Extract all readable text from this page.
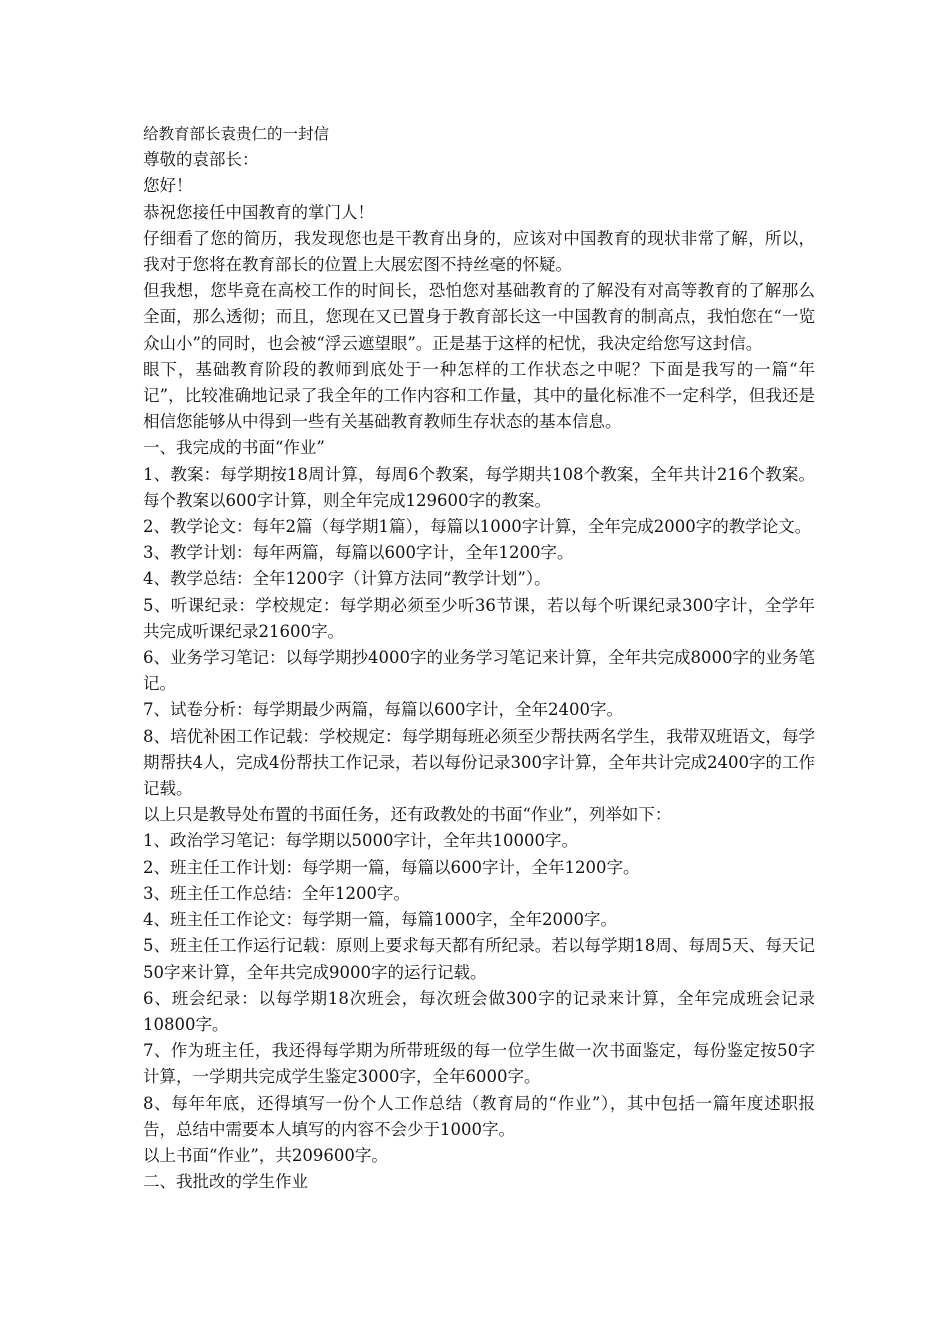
给教育部长袁贵仁的一封信

尊敬的袁部长：

您好！

恭祝您接任中国教育的掌门人！

仔细看了您的简历，我发现您也是干教育出身的，应该对中国教育的现状非常了解，所以，我对于您将在教育部长的位置上大展宏图不持丝毫的怀疑。

但我想，您毕竟在高校工作的时间长，恐怕您对基础教育的了解没有对高等教育的了解那么全面，那么透彻；而且，您现在又已置身于教育部长这一中国教育的制高点，我怕您在“一览众山小”的同时，也会被“浮云遮望眼”。正是基于这样的杞忧，我决定给您写这封信。

眼下，基础教育阶段的教师到底处于一种怎样的工作状态之中呢？下面是我写的一篇“年记”，比较准确地记录了我全年的工作内容和工作量，其中的量化标准不一定科学，但我还是相信您能够从中得到一些有关基础教育教师生存状态的基本信息。

一、我完成的书面“作业”

1、教案：每学期按18周计算，每周6个教案，每学期共108个教案，全年共计216个教案。每个教案以600字计算，则全年完成129600字的教案。

2、教学论文：每年2篇（每学期1篇），每篇以1000字计算，全年完成2000字的教学论文。

3、教学计划：每年两篇，每篇以600字计，全年1200字。

4、教学总结：全年1200字（计算方法同“教学计划”）。

5、听课纪录：学校规定：每学期必须至少听36节课，若以每个听课纪录300字计，全学年共完成听课纪录21600字。

6、业务学习笔记：以每学期抄4000字的业务学习笔记来计算，全年共完成8000字的业务笔记。

7、试卷分析：每学期最少两篇，每篇以600字计，全年2400字。

8、培优补困工作记载：学校规定：每学期每班必须至少帮扶两名学生，我带双班语文，每学期帮扶4人，完成4份帮扶工作记录，若以每份记录300字计算，全年共计完成2400字的工作记载。

以上只是教导处布置的书面任务，还有政教处的书面“作业”，列举如下：

1、政治学习笔记：每学期以5000字计，全年共10000字。

2、班主任工作计划：每学期一篇，每篇以600字计，全年1200字。

3、班主任工作总结：全年1200字。

4、班主任工作论文：每学期一篇，每篇1000字，全年2000字。

5、班主任工作运行记载：原则上要求每天都有所纪录。若以每学期18周、每周5天、每天记50字来计算，全年共完成9000字的运行记载。

6、班会纪录：以每学期18次班会，每次班会做300字的记录来计算，全年完成班会记录10800字。

7、作为班主任，我还得每学期为所带班级的每一位学生做一次书面鉴定，每份鉴定按50字计算，一学期共完成学生鉴定3000字，全年6000字。

8、每年年底，还得填写一份个人工作总结（教育局的“作业”），其中包括一篇年度述职报告，总结中需要本人填写的内容不会少于1000字。

以上书面“作业”，共209600字。

二、我批改的学生作业
